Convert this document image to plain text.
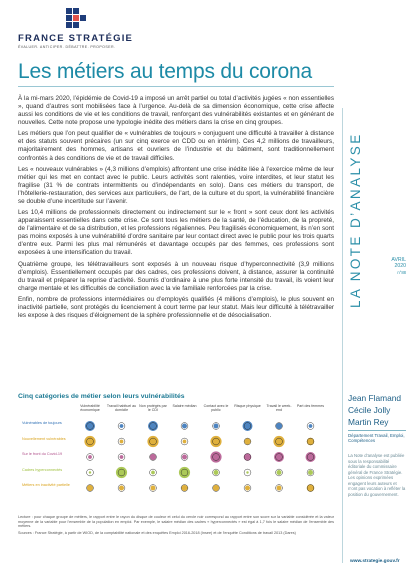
FRANCE STRATÉGIE
ÉVALUER. ANTICIPER. DÉBATTRE. PROPOSER.
Les métiers au temps du corona

À la mi-mars 2020, l’épidémie de Covid-19 a imposé un arrêt partiel ou total d’activités jugées « non essentielles », quand d’autres sont mobilisées face à l’urgence. Au-delà de sa dimension économique, cette crise affecte aussi les conditions de vie et les conditions de travail, renforçant des vulnérabilités existantes et en générant de nouvelles. Cette note propose une typologie inédite des métiers dans la crise en cinq groupes.

Les métiers que l’on peut qualifier de « vulnérables de toujours » conjuguent une difficulté à travailler à distance et des statuts souvent précaires (un sur cinq exerce en CDD ou en intérim). Ces 4,2 millions de travailleurs, majoritairement des hommes, artisans et ouvriers de l’industrie et du bâtiment, sont traditionnellement confrontés à des conditions de vie et de travail difficiles.

Les « nouveaux vulnérables » (4,3 millions d’emplois) affrontent une crise inédite liée à l’exercice même de leur métier qui les met en contact avec le public. Leurs activités sont ralenties, voire interdites, et leur statut les fragilise (31 % de contrats intermittents ou d’indépendants en solo). Dans ces métiers du transport, de l’hôtellerie-restauration, des services aux particuliers, de l’art, de la culture et du sport, la vulnérabilité financière se double d’une incertitude sur l’avenir.

Les 10,4 millions de professionnels directement ou indirectement sur le « front » sont ceux dont les activités apparaissent essentielles dans cette crise. Ce sont tous les métiers de la santé, de l’éducation, de la propreté, de l’alimentaire et de sa distribution, et les professions régaliennes. Peu fragilisés économiquement, ils n’en sont pas moins exposés à une vulnérabilité d’ordre sanitaire par leur contact direct avec le public pour les trois quarts d’entre eux. Parmi les plus mal rémunérés et davantage occupés par des femmes, ces professions sont exposées à une intensification du travail.

Quatrième groupe, les télétravailleurs sont exposés à un nouveau risque d’hyperconnectivité (3,9 millions d’emplois). Essentiellement occupés par des cadres, ces professions doivent, à distance, assurer la continuité du travail et préparer la reprise d’activité. Soumis d’ordinaire à une plus forte intensité du travail, ils voient leur charge mentale et les difficultés de conciliation avec la vie familiale renforcées par la crise.

Enfin, nombre de professions intermédiaires ou d’employés qualifiés (4 millions d’emplois), le plus souvent en inactivité partielle, sont protégés du licenciement à court terme par leur statut. Mais leur difficulté à télétravailler les expose à des risques d’éloignement de la sphère professionnelle et de désocialisation.

LA NOTE D’ANALYSE	AVRIL
2020
n°88
Jean Flamand
Cécile Jolly
Martin Rey
Département Travail, Emploi, Compétences
La Note d’analyse est publiée sous la responsabilité éditoriale du commissaire général de France Stratégie. Les opinions exprimées engagent leurs auteurs et n’ont pas vocation à refléter la position du gouvernement.
www.strategie.gouv.fr
Cinq catégories de métier selon leurs vulnérabilités
Vulnérabilité économique
Travail habituel au domicile
Non protégés par le CDI
Salaire médian	Contact avec le public
Risque physique	Travail le week-end
Part des femmes
Vulnérables de toujours
Nouvellement vulnérables
Sur le front du Covid-19
Cadres hyperconnectés
Métiers en inactivité partielle

Lecture : pour chaque groupe de métiers, le rapport entre le rayon du disque de couleur et celui du cercle noir correspond au rapport entre son score sur la variable considérée et la valeur moyenne de la variable pour l’ensemble de la population en emploi. Par exemple, le salaire médian des cadres « hyperconnectés » est égal à 1,7 fois le salaire médian de l’ensemble des métiers.

Sources : France Stratégie, à partir de WIOD, de la comptabilité nationale et des enquêtes Emploi 2016-2018 (Insee) et de l’enquête Conditions de travail 2013 (Dares)
